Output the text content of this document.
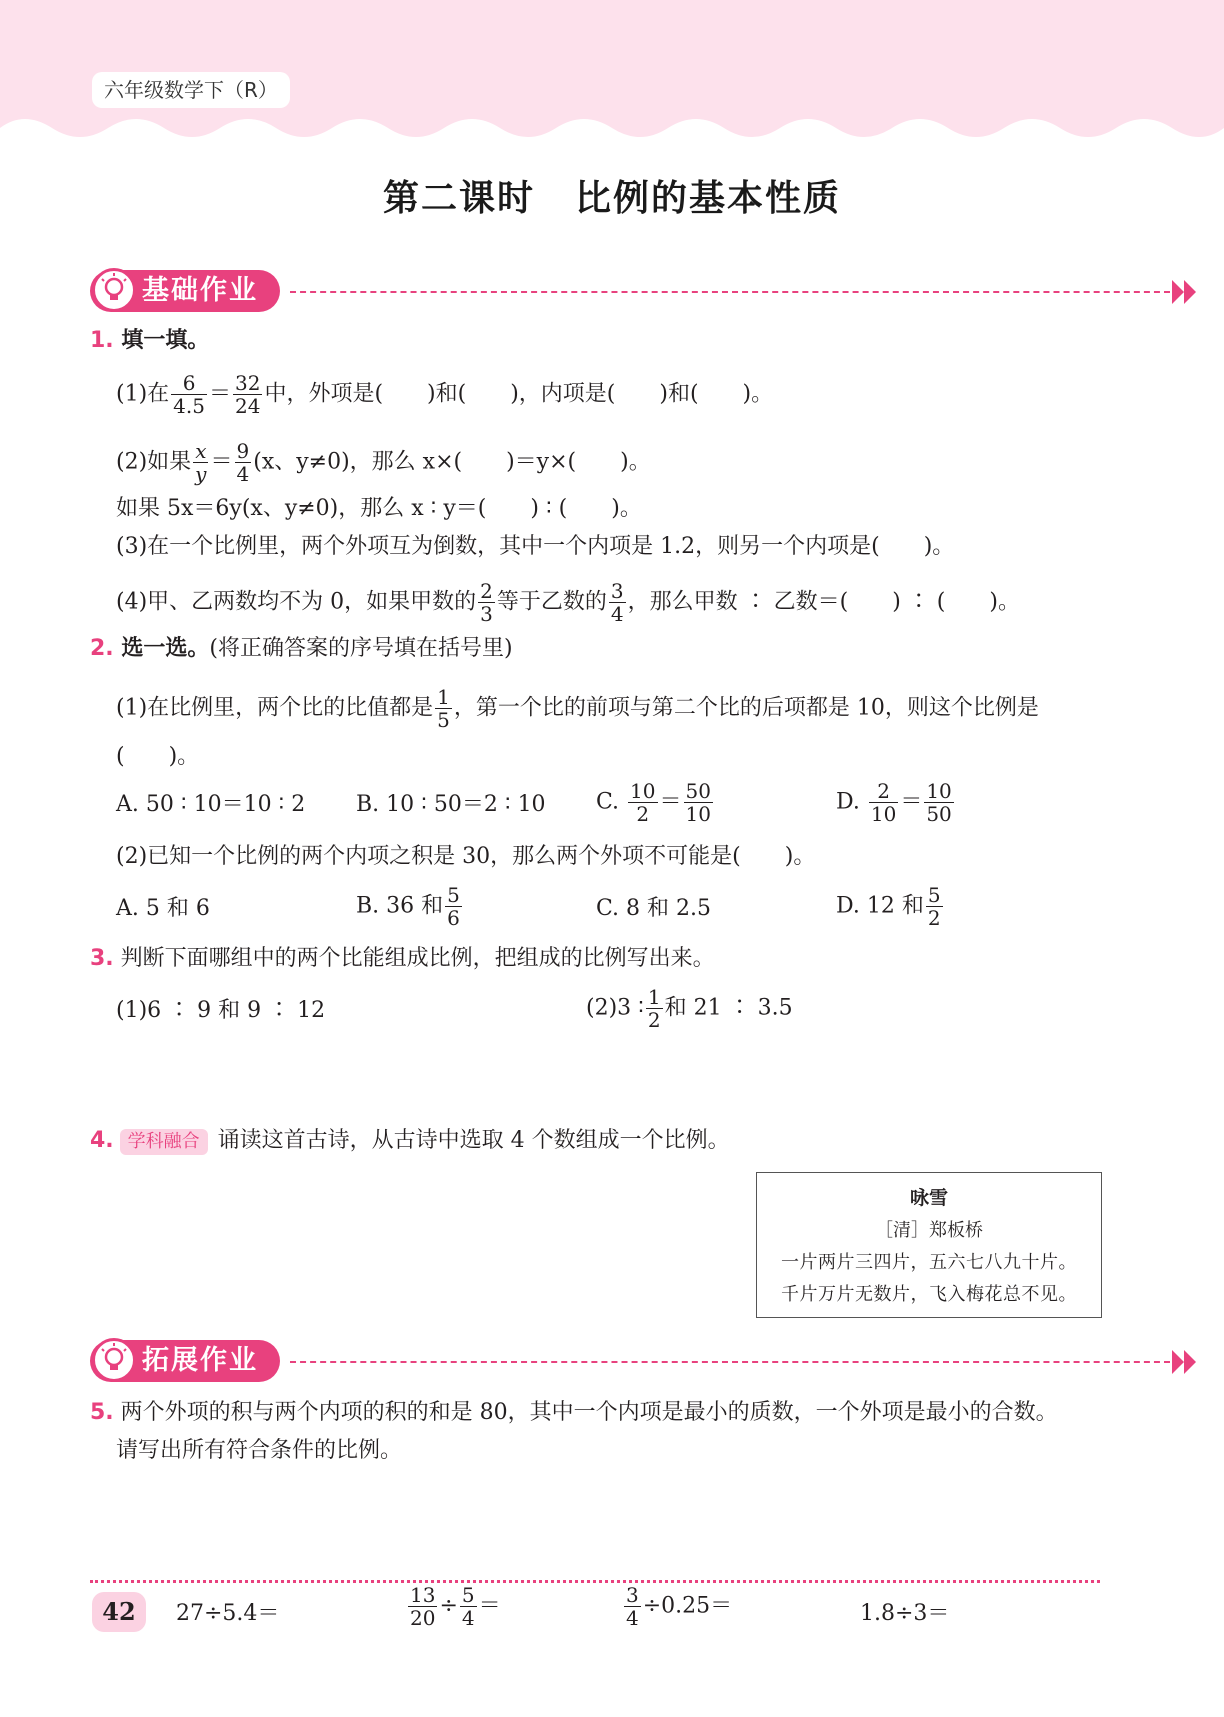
六年级数学下（R）
第二课时 比例的基本性质
基础作业
1. 填一填。
(1)在 $\frac{6}{4.5} = \frac{32}{24}$ 中，外项是(　　)和(　　)，内项是(　　)和(　　)。
(2)如果 $\frac{x}{y} = \frac{9}{4} (x$、y≠0)，那么 x×(　　)＝y×(　　)。
如果 5x＝6y(x、y≠0)，那么 x ∶ y＝(　　) ∶ (　　)。
(3)在一个比例里，两个外项互为倒数，其中一个内项是 1.2，则另一个内项是(　　)。
(4)甲、乙两数均不为 0，如果甲数的 $\frac{2}{3}$ 等于乙数的 $\frac{3}{4}$ ，那么甲数 ∶ 乙数＝(　　) ∶ (　　)。
2. 选一选。(将正确答案的序号填在括号里)
(1)在比例里，两个比的比值都是 $\frac{1}{5}$ ，第一个比的前项与第二个比的后项都是 10，则这个比例是
(　　)。
A. 50 ∶ 10＝10 ∶ 2 B. 10 ∶ 50＝2 ∶ 10 C. $\frac{10}{2} = \frac{50}{10}$	D. $\frac{2}{10} = \frac{10}{50}$
(2)已知一个比例的两个内项之积是 30，那么两个外项不可能是(　　)。
A. 5 和 6	B. 36 和 $\frac{5}{6}$	C. 8 和 2.5	D. 12 和 $\frac{5}{2}$
3. 判断下面哪组中的两个比能组成比例，把组成的比例写出来。
(1)6 ∶ 9 和 9 ∶ 12	(2)3 ∶ $\frac{1}{2}$ 和 21 ∶ 3.5
4. 学科融合 诵读这首古诗，从古诗中选取 4 个数组成一个比例。
咏雪
［清］郑板桥
一片两片三四片，五六七八九十片。
千片万片无数片，飞入梅花总不见。
拓展作业
5. 两个外项的积与两个内项的积的和是 80，其中一个内项是最小的质数，一个外项是最小的合数。
请写出所有符合条件的比例。
42	27÷5.4＝	$\frac{13}{20} \div \frac{5}{4}$ ＝	$\frac{3}{4} \div 0.25=$	1.8÷3＝
